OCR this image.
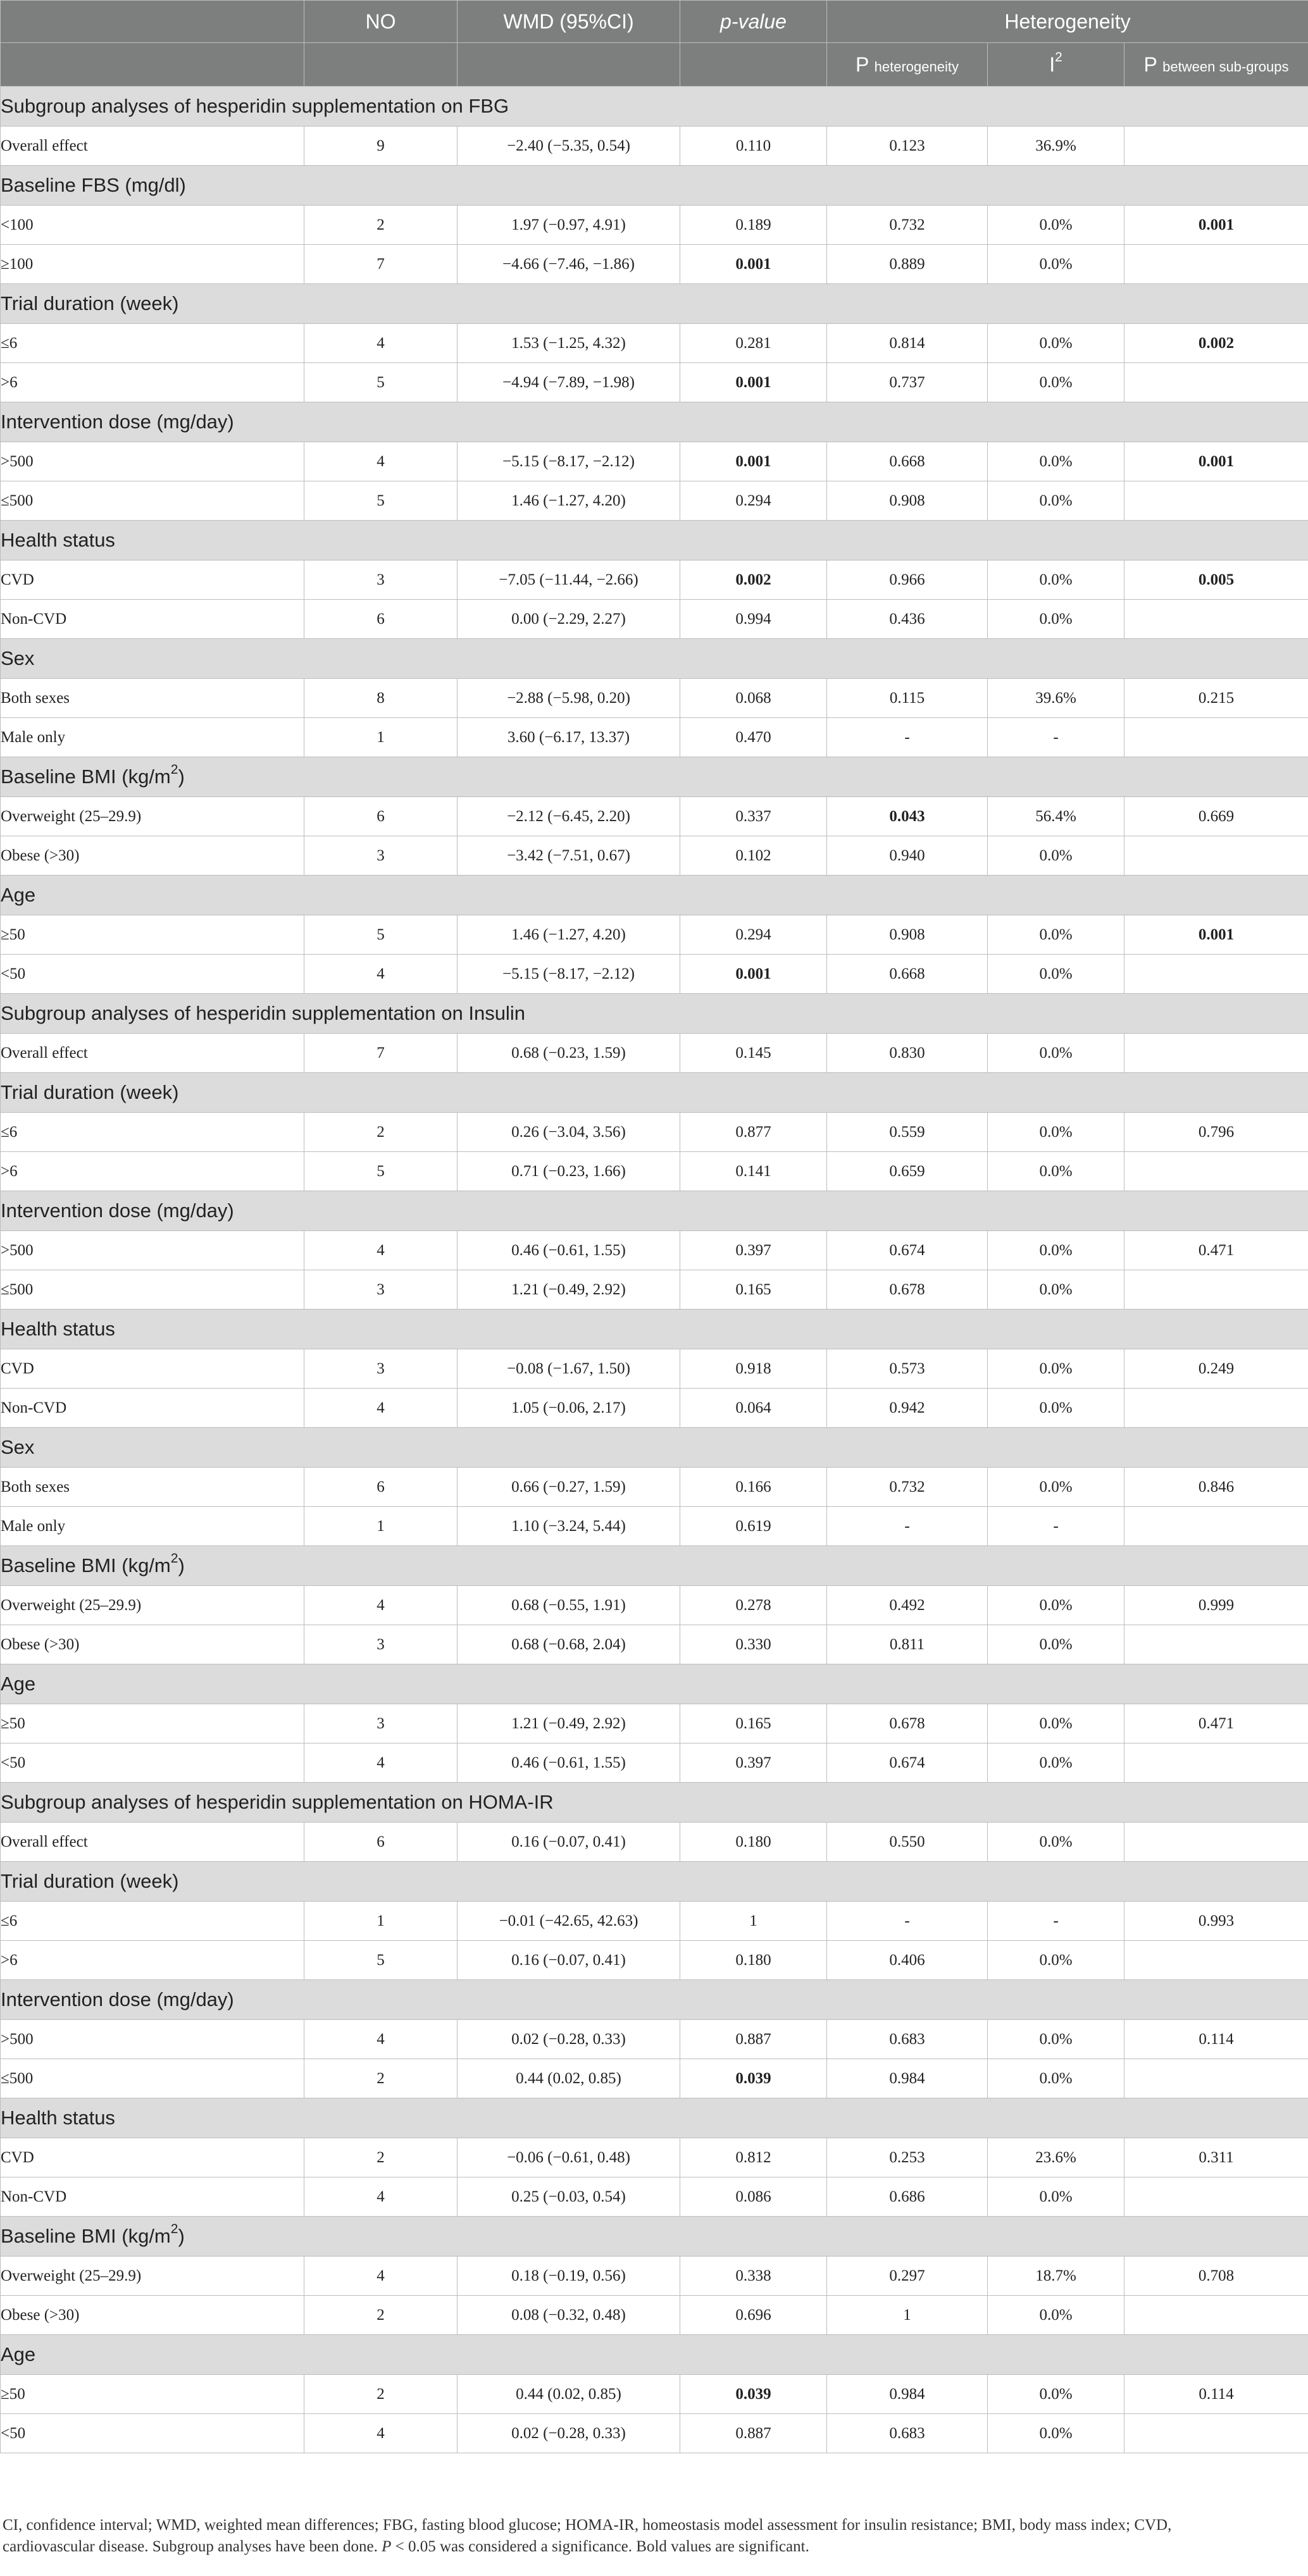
	NO	WMD (95%CI)	p-value	Heterogeneity		
				P heterogeneity	$I^2$	P between sub-groups
Subgroup analyses of hesperidin supplementation on FBG						
Overall effect	9	−2.40 (−5.35, 0.54)	0.110	0.123	36.9%	
Baseline FBS (mg/dl)						
<100	2	1.97 (−0.97, 4.91)	0.189	0.732	0.0%	0.001
≥100	7	−4.66 (−7.46, −1.86)	0.001	0.889	0.0%	
Trial duration (week)						
≤6	4	1.53 (−1.25, 4.32)	0.281	0.814	0.0%	0.002
>6	5	−4.94 (−7.89, −1.98)	0.001	0.737	0.0%	
Intervention dose (mg/day)						
>500	4	−5.15 (−8.17, −2.12)	0.001	0.668	0.0%	0.001
≤500	5	1.46 (−1.27, 4.20)	0.294	0.908	0.0%	
Health status						
CVD	3	−7.05 (−11.44, −2.66)	0.002	0.966	0.0%	0.005
Non-CVD	6	0.00 (−2.29, 2.27)	0.994	0.436	0.0%	
Sex						
Both sexes	8	−2.88 (−5.98, 0.20)	0.068	0.115	39.6%	0.215
Male only	1	3.60 (−6.17, 13.37)	0.470	-	-	
Baseline BMI $(kg/m^2)$						
Overweight (25–29.9)	6	−2.12 (−6.45, 2.20)	0.337	0.043	56.4%	0.669
Obese (>30)	3	−3.42 (−7.51, 0.67)	0.102	0.940	0.0%	
Age						
≥50	5	1.46 (−1.27, 4.20)	0.294	0.908	0.0%	0.001
<50	4	−5.15 (−8.17, −2.12)	0.001	0.668	0.0%	
Subgroup analyses of hesperidin supplementation on Insulin						
Overall effect	7	0.68 (−0.23, 1.59)	0.145	0.830	0.0%	
Trial duration (week)						
≤6	2	0.26 (−3.04, 3.56)	0.877	0.559	0.0%	0.796
>6	5	0.71 (−0.23, 1.66)	0.141	0.659	0.0%	
Intervention dose (mg/day)						
>500	4	0.46 (−0.61, 1.55)	0.397	0.674	0.0%	0.471
≤500	3	1.21 (−0.49, 2.92)	0.165	0.678	0.0%	
Health status						
CVD	3	−0.08 (−1.67, 1.50)	0.918	0.573	0.0%	0.249
Non-CVD	4	1.05 (−0.06, 2.17)	0.064	0.942	0.0%	
Sex						
Both sexes	6	0.66 (−0.27, 1.59)	0.166	0.732	0.0%	0.846
Male only	1	1.10 (−3.24, 5.44)	0.619	-	-	
Baseline BMI $(kg/m^2)$						
Overweight (25–29.9)	4	0.68 (−0.55, 1.91)	0.278	0.492	0.0%	0.999
Obese (>30)	3	0.68 (−0.68, 2.04)	0.330	0.811	0.0%	
Age						
≥50	3	1.21 (−0.49, 2.92)	0.165	0.678	0.0%	0.471
<50	4	0.46 (−0.61, 1.55)	0.397	0.674	0.0%	
Subgroup analyses of hesperidin supplementation on HOMA-IR						
Overall effect	6	0.16 (−0.07, 0.41)	0.180	0.550	0.0%	
Trial duration (week)						
≤6	1	−0.01 (−42.65, 42.63)	1	-	-	0.993
>6	5	0.16 (−0.07, 0.41)	0.180	0.406	0.0%	
Intervention dose (mg/day)						
>500	4	0.02 (−0.28, 0.33)	0.887	0.683	0.0%	0.114
≤500	2	0.44 (0.02, 0.85)	0.039	0.984	0.0%	
Health status						
CVD	2	−0.06 (−0.61, 0.48)	0.812	0.253	23.6%	0.311
Non-CVD	4	0.25 (−0.03, 0.54)	0.086	0.686	0.0%	
Baseline BMI $(kg/m^2)$						
Overweight (25–29.9)	4	0.18 (−0.19, 0.56)	0.338	0.297	18.7%	0.708
Obese (>30)	2	0.08 (−0.32, 0.48)	0.696	1	0.0%	
Age						
≥50	2	0.44 (0.02, 0.85)	0.039	0.984	0.0%	0.114
<50	4	0.02 (−0.28, 0.33)	0.887	0.683	0.0%	
CI, confidence interval; WMD, weighted mean differences; FBG, fasting blood glucose; HOMA-IR, homeostasis model assessment for insulin resistance; BMI, body mass index; CVD,
cardiovascular disease. Subgroup analyses have been done. P < 0.05 was considered a significance. Bold values are significant.
